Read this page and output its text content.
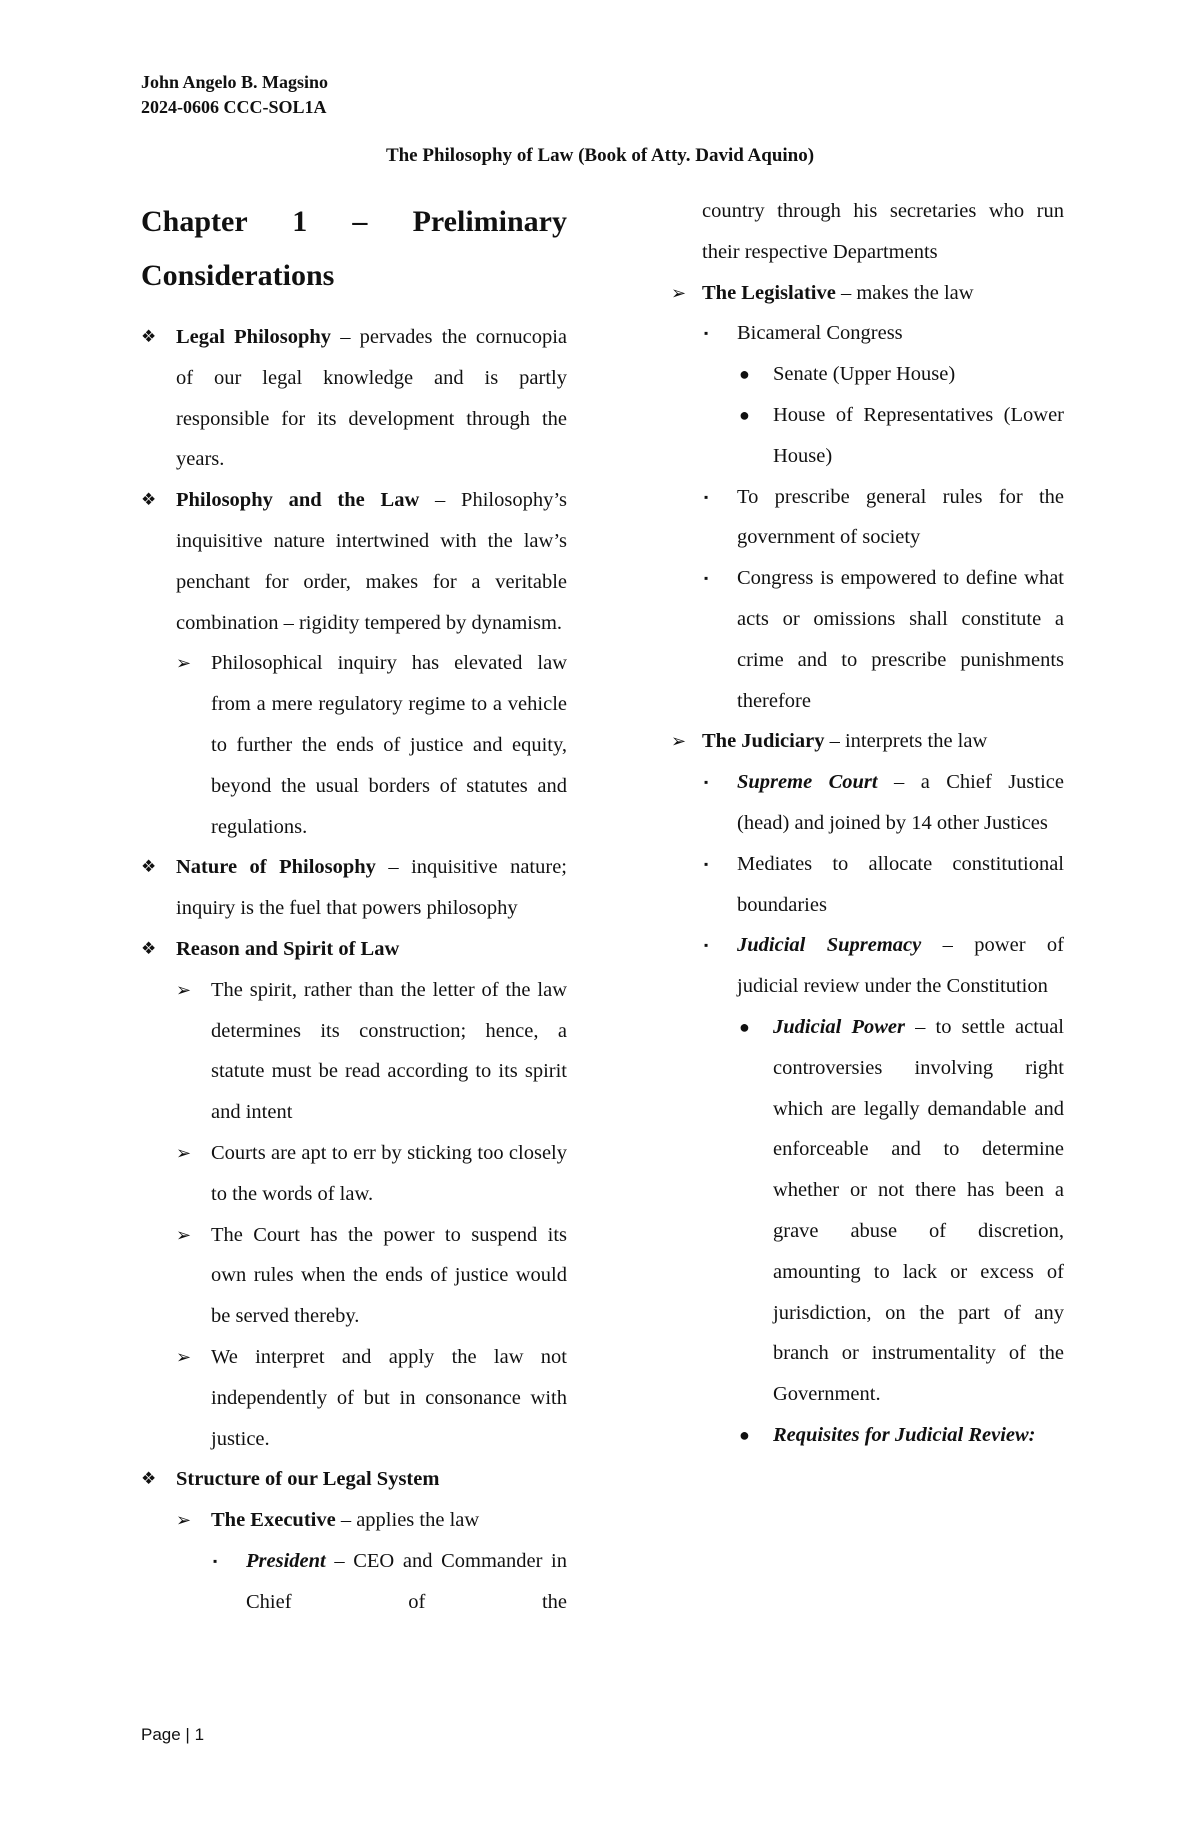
John Angelo B. Magsino
2024-0606 CCC-SOL1A
The Philosophy of Law (Book of Atty. David Aquino)
Chapter 1 – Preliminary Considerations
❖ Legal Philosophy – pervades the cornucopia of our legal knowledge and is partly responsible for its development through the years.
❖ Philosophy and the Law – Philosophy’s inquisitive nature intertwined with the law’s penchant for order, makes for a veritable combination – rigidity tempered by dynamism.
➢ Philosophical inquiry has elevated law from a mere regulatory regime to a vehicle to further the ends of justice and equity, beyond the usual borders of statutes and regulations.
❖ Nature of Philosophy – inquisitive nature; inquiry is the fuel that powers philosophy
❖ Reason and Spirit of Law
➢ The spirit, rather than the letter of the law determines its construction; hence, a statute must be read according to its spirit and intent
➢ Courts are apt to err by sticking too closely to the words of law.
➢ The Court has the power to suspend its own rules when the ends of justice would be served thereby.
➢ We interpret and apply the law not independently of but in consonance with justice.
❖ Structure of our Legal System
➢ The Executive – applies the law
▪ President – CEO and Commander in Chief of the
country through his secretaries who run their respective Departments
➢ The Legislative – makes the law
▪ Bicameral Congress
● Senate (Upper House)
● House of Representatives (Lower House)
▪ To prescribe general rules for the government of society
▪ Congress is empowered to define what acts or omissions shall constitute a crime and to prescribe punishments therefore
➢ The Judiciary – interprets the law
▪ Supreme Court – a Chief Justice (head) and joined by 14 other Justices
▪ Mediates to allocate constitutional boundaries
▪ Judicial Supremacy – power of judicial review under the Constitution
● Judicial Power – to settle actual controversies involving right which are legally demandable and enforceable and to determine whether or not there has been a grave abuse of discretion, amounting to lack or excess of jurisdiction, on the part of any branch or instrumentality of the Government.
● Requisites for Judicial Review:
Page | 1
